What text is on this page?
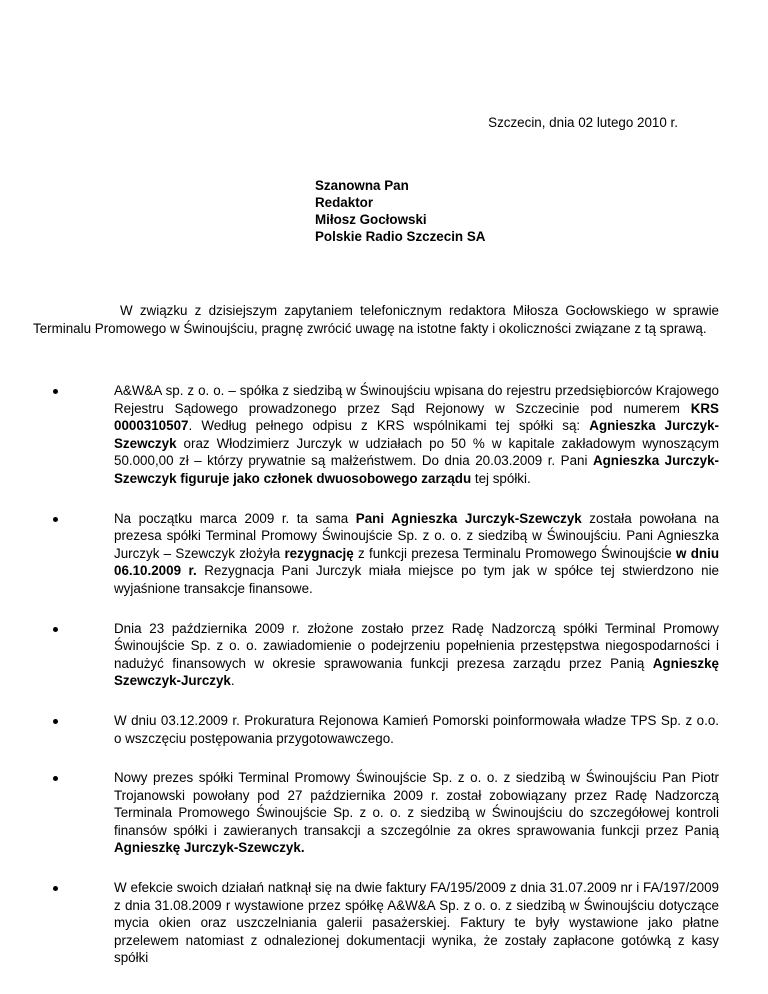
Szczecin, dnia 02 lutego 2010 r.
Szanowna Pan
Redaktor
Miłosz Gocłowski
Polskie Radio Szczecin SA

W związku z dzisiejszym zapytaniem telefonicznym redaktora Miłosza Gocłowskiego w sprawie Terminalu Promowego w Świnoujściu, pragnę zwrócić uwagę na istotne fakty i okoliczności związane z tą sprawą.

A&W&A sp. z o. o. – spółka z siedzibą w Świnoujściu wpisana do rejestru przedsiębiorców Krajowego Rejestru Sądowego prowadzonego przez Sąd Rejonowy w Szczecinie pod numerem KRS 0000310507. Według pełnego odpisu z KRS wspólnikami tej spółki są: Agnieszka Jurczyk-Szewczyk oraz Włodzimierz Jurczyk w udziałach po 50 % w kapitale zakładowym wynoszącym 50.000,00 zł – którzy prywatnie są małżeństwem. Do dnia 20.03.2009 r. Pani Agnieszka Jurczyk-Szewczyk figuruje jako członek dwuosobowego zarządu tej spółki.
Na początku marca 2009 r. ta sama Pani Agnieszka Jurczyk-Szewczyk została powołana na prezesa spółki Terminal Promowy Świnoujście Sp. z o. o. z siedzibą w Świnoujściu. Pani Agnieszka Jurczyk – Szewczyk złożyła rezygnację z funkcji prezesa Terminalu Promowego Świnoujście w dniu 06.10.2009 r. Rezygnacja Pani Jurczyk miała miejsce po tym jak w spółce tej stwierdzono nie wyjaśnione transakcje finansowe.
Dnia 23 października 2009 r. złożone zostało przez Radę Nadzorczą spółki Terminal Promowy Świnoujście Sp. z o. o. zawiadomienie o podejrzeniu popełnienia przestępstwa niegospodarności i nadużyć finansowych w okresie sprawowania funkcji prezesa zarządu przez Panią Agnieszkę Szewczyk-Jurczyk.
W dniu 03.12.2009 r. Prokuratura Rejonowa Kamień Pomorski poinformowała władze TPS Sp. z o.o. o wszczęciu postępowania przygotowawczego.
Nowy prezes spółki Terminal Promowy Świnoujście Sp. z o. o. z siedzibą w Świnoujściu Pan Piotr Trojanowski powołany pod 27 października 2009 r. został zobowiązany przez Radę Nadzorczą Terminala Promowego Świnoujście Sp. z o. o. z siedzibą w Świnoujściu do szczegółowej kontroli finansów spółki i zawieranych transakcji a szczególnie za okres sprawowania funkcji przez Panią Agnieszkę Jurczyk-Szewczyk.
W efekcie swoich działań natknął się na dwie faktury FA/195/2009 z dnia 31.07.2009 nr i FA/197/2009 z dnia 31.08.2009 r wystawione przez spółkę A&W&A Sp. z o. o. z siedzibą w Świnoujściu dotyczące mycia okien oraz uszczelniania galerii pasażerskiej. Faktury te były wystawione jako płatne przelewem natomiast z odnalezionej dokumentacji wynika, że zostały zapłacone gotówką z kasy spółki
